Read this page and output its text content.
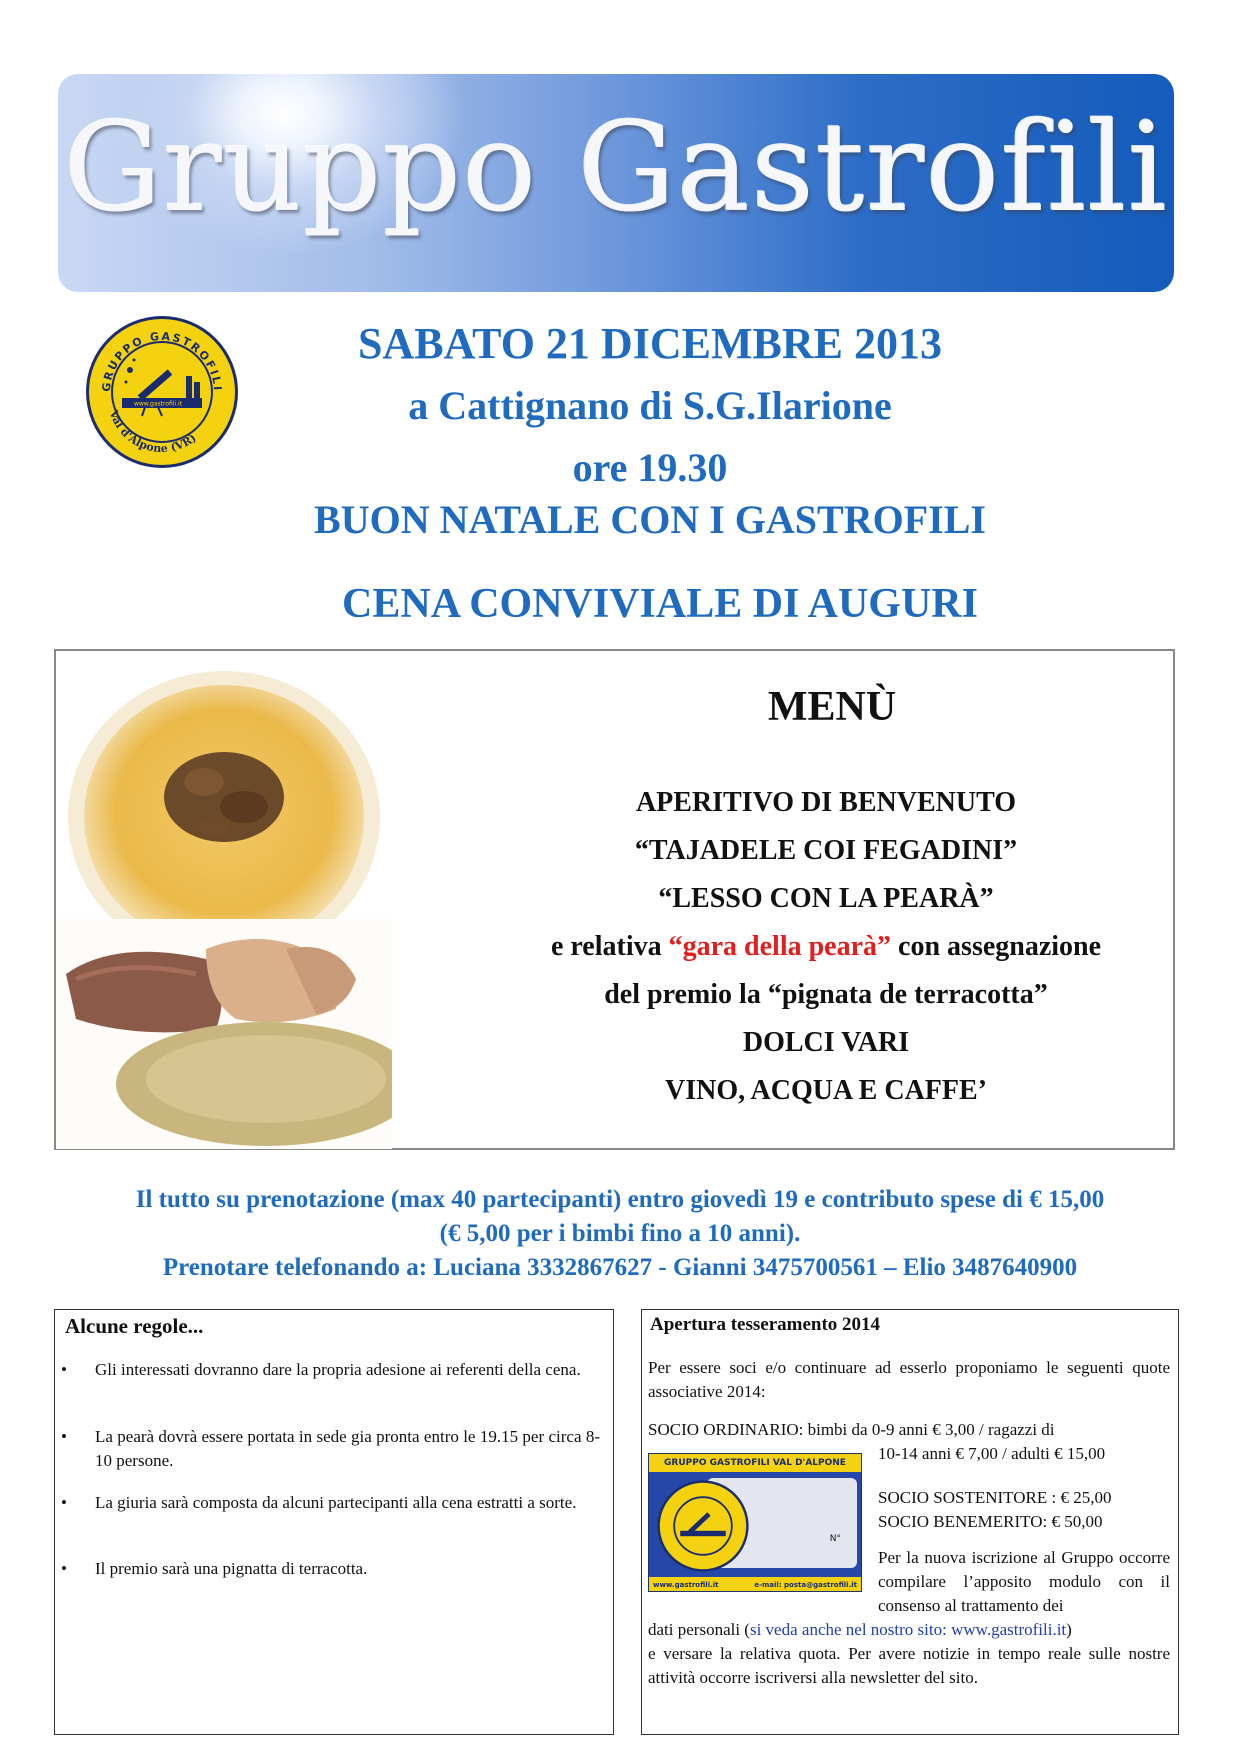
Gruppo Gastrofili
GRUPPO GASTROFILI
Val d'Alpone (VR)
www.gastrofili.it
SABATO 21 DICEMBRE 2013
a Cattignano di S.G.Ilarione
ore 19.30
BUON NATALE CON I GASTROFILI
CENA CONVIVIALE DI AUGURI
MENÙ
APERITIVO DI BENVENUTO
“TAJADELE COI FEGADINI”
“LESSO CON LA PEARÀ”
e relativa “gara della pearà” con assegnazione
del premio la “pignata de terracotta”
DOLCI VARI
VINO, ACQUA E CAFFE’
Il tutto su prenotazione (max 40 partecipanti) entro giovedì 19 e contributo spese di € 15,00
(€ 5,00 per i bimbi fino a 10 anni).
Prenotare telefonando a: Luciana 3332867627 - Gianni 3475700561 – Elio 3487640900
Alcune regole...
• Gli interessati dovranno dare la propria adesione ai referenti della cena.
• La pearà dovrà essere portata in sede gia pronta entro le 19.15 per circa 8-10 persone.
• La giuria sarà composta da alcuni partecipanti alla cena estratti a sorte.
• Il premio sarà una pignatta di terracotta.
Apertura tesseramento 2014
Per essere soci e/o continuare ad esserlo proponiamo le seguenti quote associative 2014:
SOCIO ORDINARIO: bimbi da 0-9 anni € 3,00 / ragazzi di
10-14 anni € 7,00 / adulti € 15,00
GRUPPO GASTROFILI VAL D'ALPONE
N°
www.gastrofili.it	e-mail: posta@gastrofili.it
SOCIO SOSTENITORE : € 25,00
SOCIO BENEMERITO: € 50,00
Per la nuova iscrizione al Gruppo occorre compilare l’apposito modulo con il consenso al trattamento dei
dati personali (si veda anche nel nostro sito: www.gastrofili.it)
e versare la relativa quota. Per avere notizie in tempo reale sulle nostre attività occorre iscriversi alla newsletter del sito.
